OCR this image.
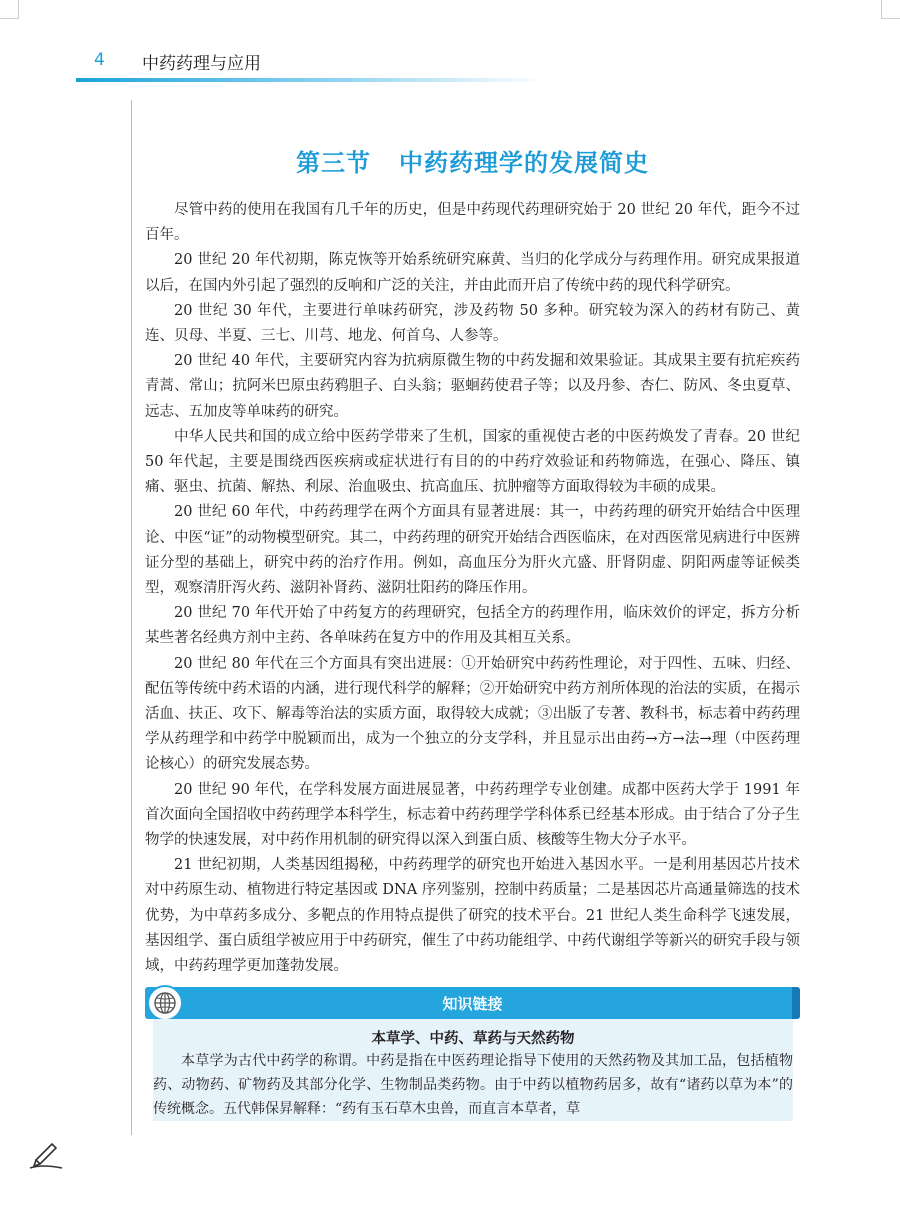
4 中药药理与应用
第三节 中药药理学的发展简史

尽管中药的使用在我国有几千年的历史，但是中药现代药理研究始于 20 世纪 20 年代，距今不过百年。

20 世纪 20 年代初期，陈克恢等开始系统研究麻黄、当归的化学成分与药理作用。研究成果报道以后，在国内外引起了强烈的反响和广泛的关注，并由此而开启了传统中药的现代科学研究。

20 世纪 30 年代，主要进行单味药研究，涉及药物 50 多种。研究较为深入的药材有防己、黄连、贝母、半夏、三七、川芎、地龙、何首乌、人参等。

20 世纪 40 年代，主要研究内容为抗病原微生物的中药发掘和效果验证。其成果主要有抗疟疾药青蒿、常山；抗阿米巴原虫药鸦胆子、白头翁；驱蛔药使君子等；以及丹参、杏仁、防风、冬虫夏草、远志、五加皮等单味药的研究。

中华人民共和国的成立给中医药学带来了生机，国家的重视使古老的中医药焕发了青春。20 世纪 50 年代起，主要是围绕西医疾病或症状进行有目的的中药疗效验证和药物筛选，在强心、降压、镇痛、驱虫、抗菌、解热、利尿、治血吸虫、抗高血压、抗肿瘤等方面取得较为丰硕的成果。

20 世纪 60 年代，中药药理学在两个方面具有显著进展：其一，中药药理的研究开始结合中医理论、中医“证”的动物模型研究。其二，中药药理的研究开始结合西医临床，在对西医常见病进行中医辨证分型的基础上，研究中药的治疗作用。例如，高血压分为肝火亢盛、肝肾阴虚、阴阳两虚等证候类型，观察清肝泻火药、滋阴补肾药、滋阴壮阳药的降压作用。

20 世纪 70 年代开始了中药复方的药理研究，包括全方的药理作用，临床效价的评定，拆方分析某些著名经典方剂中主药、各单味药在复方中的作用及其相互关系。

20 世纪 80 年代在三个方面具有突出进展：①开始研究中药药性理论，对于四性、五味、归经、配伍等传统中药术语的内涵，进行现代科学的解释；②开始研究中药方剂所体现的治法的实质，在揭示活血、扶正、攻下、解毒等治法的实质方面，取得较大成就；③出版了专著、教科书，标志着中药药理学从药理学和中药学中脱颖而出，成为一个独立的分支学科，并且显示出由药→方→法→理（中医药理论核心）的研究发展态势。

20 世纪 90 年代，在学科发展方面进展显著，中药药理学专业创建。成都中医药大学于 1991 年首次面向全国招收中药药理学本科学生，标志着中药药理学学科体系已经基本形成。由于结合了分子生物学的快速发展，对中药作用机制的研究得以深入到蛋白质、核酸等生物大分子水平。

21 世纪初期，人类基因组揭秘，中药药理学的研究也开始进入基因水平。一是利用基因芯片技术对中药原生动、植物进行特定基因或 DNA 序列鉴别，控制中药质量；二是基因芯片高通量筛选的技术优势，为中草药多成分、多靶点的作用特点提供了研究的技术平台。21 世纪人类生命科学飞速发展，基因组学、蛋白质组学被应用于中药研究，催生了中药功能组学、中药代谢组学等新兴的研究手段与领域，中药药理学更加蓬勃发展。

知识链接
本草学、中药、草药与天然药物

本草学为古代中药学的称谓。中药是指在中医药理论指导下使用的天然药物及其加工品，包括植物药、动物药、矿物药及其部分化学、生物制品类药物。由于中药以植物药居多，故有“诸药以草为本”的传统概念。五代韩保昇解释：“药有玉石草木虫兽，而直言本草者，草
